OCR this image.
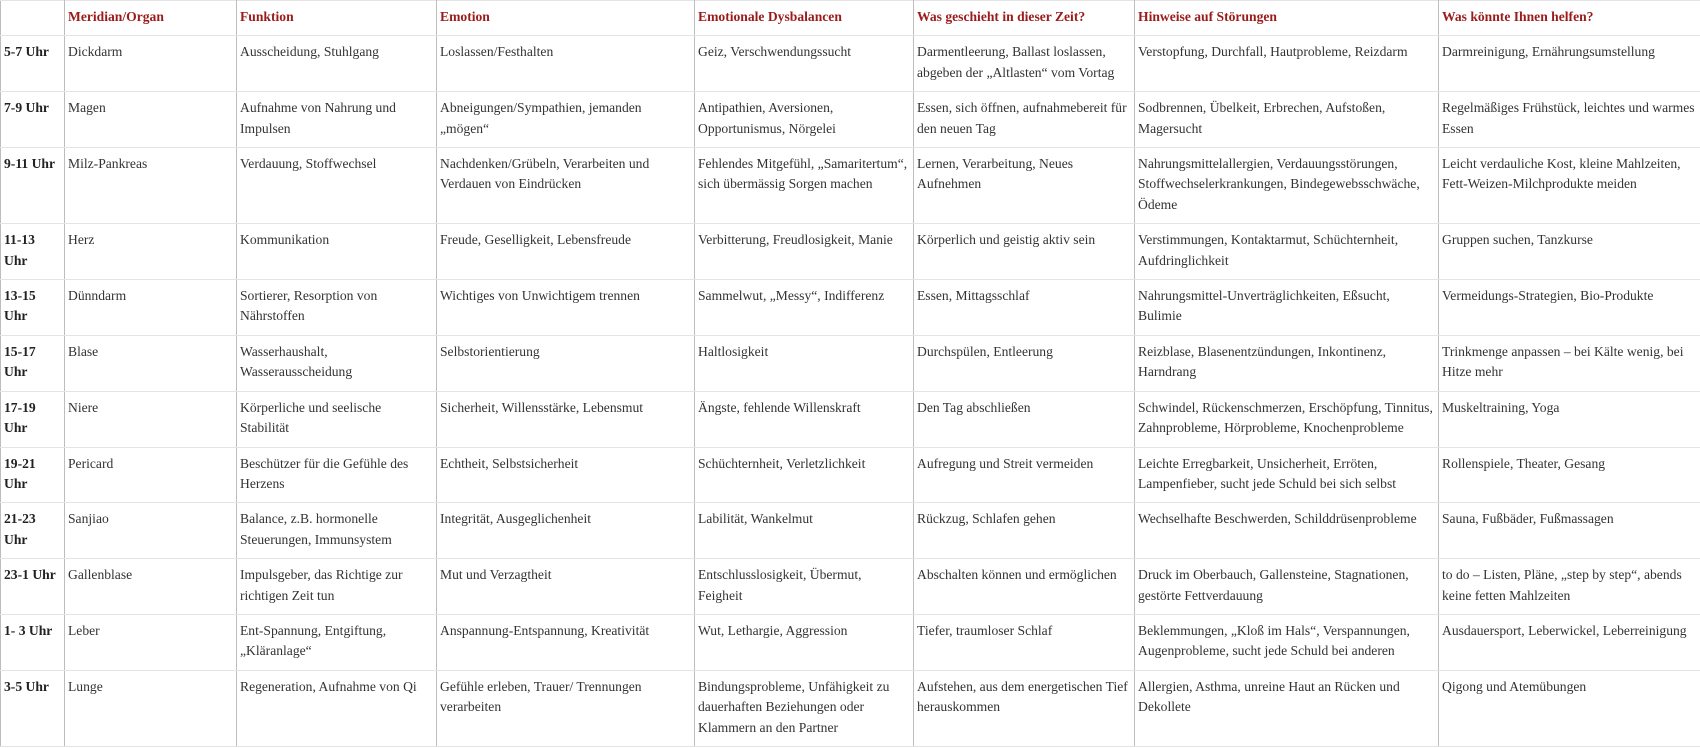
	Meridian/Organ	Funktion	Emotion	Emotionale Dysbalancen	Was geschieht in dieser Zeit?	Hinweise auf Störungen	Was könnte Ihnen helfen?
5-7 Uhr	Dickdarm	Ausscheidung, Stuhlgang	Loslassen/Festhalten	Geiz, Verschwendungssucht	Darmentleerung, Ballast loslassen, abgeben der „Altlasten“ vom Vortag	Verstopfung, Durchfall, Hautprobleme, Reizdarm	Darmreinigung, Ernährungsumstellung
7-9 Uhr	Magen	Aufnahme von Nahrung und Impulsen	Abneigungen/Sympathien, jemanden „mögen“	Antipathien, Aversionen, Opportunismus, Nörgelei	Essen, sich öffnen, aufnahmebereit für den neuen Tag	Sodbrennen, Übelkeit, Erbrechen, Aufstoßen, Magersucht	Regelmäßiges Frühstück, leichtes und warmes Essen
9-11 Uhr	Milz-Pankreas	Verdauung, Stoffwechsel	Nachdenken/Grübeln, Verarbeiten und Verdauen von Eindrücken	Fehlendes Mitgefühl, „Samaritertum“, sich übermässig Sorgen machen	Lernen, Verarbeitung, Neues Aufnehmen	Nahrungsmittelallergien, Verdauungsstörungen, Stoffwechselerkrankungen, Bindegewebsschwäche, Ödeme	Leicht verdauliche Kost, kleine Mahlzeiten, Fett-Weizen-Milchprodukte meiden
11-13 Uhr	Herz	Kommunikation	Freude, Geselligkeit, Lebensfreude	Verbitterung, Freudlosigkeit, Manie	Körperlich und geistig aktiv sein	Verstimmungen, Kontaktarmut, Schüchternheit, Aufdringlichkeit	Gruppen suchen, Tanzkurse
13-15 Uhr	Dünndarm	Sortierer, Resorption von Nährstoffen	Wichtiges von Unwichtigem trennen	Sammelwut, „Messy“, Indifferenz	Essen, Mittagsschlaf	Nahrungsmittel-Unverträglichkeiten, Eßsucht, Bulimie	Vermeidungs-Strategien, Bio-Produkte
15-17 Uhr	Blase	Wasserhaushalt, Wasserausscheidung	Selbstorientierung	Haltlosigkeit	Durchspülen, Entleerung	Reizblase, Blasenentzündungen, Inkontinenz, Harndrang	Trinkmenge anpassen – bei Kälte wenig, bei Hitze mehr
17-19 Uhr	Niere	Körperliche und seelische Stabilität	Sicherheit, Willensstärke, Lebensmut	Ängste, fehlende Willenskraft	Den Tag abschließen	Schwindel, Rückenschmerzen, Erschöpfung, Tinnitus, Zahnprobleme, Hörprobleme, Knochenprobleme	Muskeltraining, Yoga
19-21 Uhr	Pericard	Beschützer für die Gefühle des Herzens	Echtheit, Selbstsicherheit	Schüchternheit, Verletzlichkeit	Aufregung und Streit vermeiden	Leichte Erregbarkeit, Unsicherheit, Erröten, Lampenfieber, sucht jede Schuld bei sich selbst	Rollenspiele, Theater, Gesang
21-23 Uhr	Sanjiao	Balance, z.B. hormonelle Steuerungen, Immunsystem	Integrität, Ausgeglichenheit	Labilität, Wankelmut	Rückzug, Schlafen gehen	Wechselhafte Beschwerden, Schilddrüsenprobleme	Sauna, Fußbäder, Fußmassagen
23-1 Uhr	Gallenblase	Impulsgeber, das Richtige zur richtigen Zeit tun	Mut und Verzagtheit	Entschlusslosigkeit, Übermut, Feigheit	Abschalten können und ermöglichen	Druck im Oberbauch, Gallensteine, Stagnationen, gestörte Fettverdauung	to do – Listen, Pläne, „step by step“, abends keine fetten Mahlzeiten
1- 3 Uhr	Leber	Ent-Spannung, Entgiftung, „Kläranlage“	Anspannung-Entspannung, Kreativität	Wut, Lethargie, Aggression	Tiefer, traumloser Schlaf	Beklemmungen, „Kloß im Hals“, Verspannungen, Augenprobleme, sucht jede Schuld bei anderen	Ausdauersport, Leberwickel, Leberreinigung
3-5 Uhr	Lunge	Regeneration, Aufnahme von Qi	Gefühle erleben, Trauer/ Trennungen verarbeiten	Bindungsprobleme, Unfähigkeit zu dauerhaften Beziehungen oder Klammern an den Partner	Aufstehen, aus dem energetischen Tief herauskommen	Allergien, Asthma, unreine Haut an Rücken und Dekollete	Qigong und Atemübungen
